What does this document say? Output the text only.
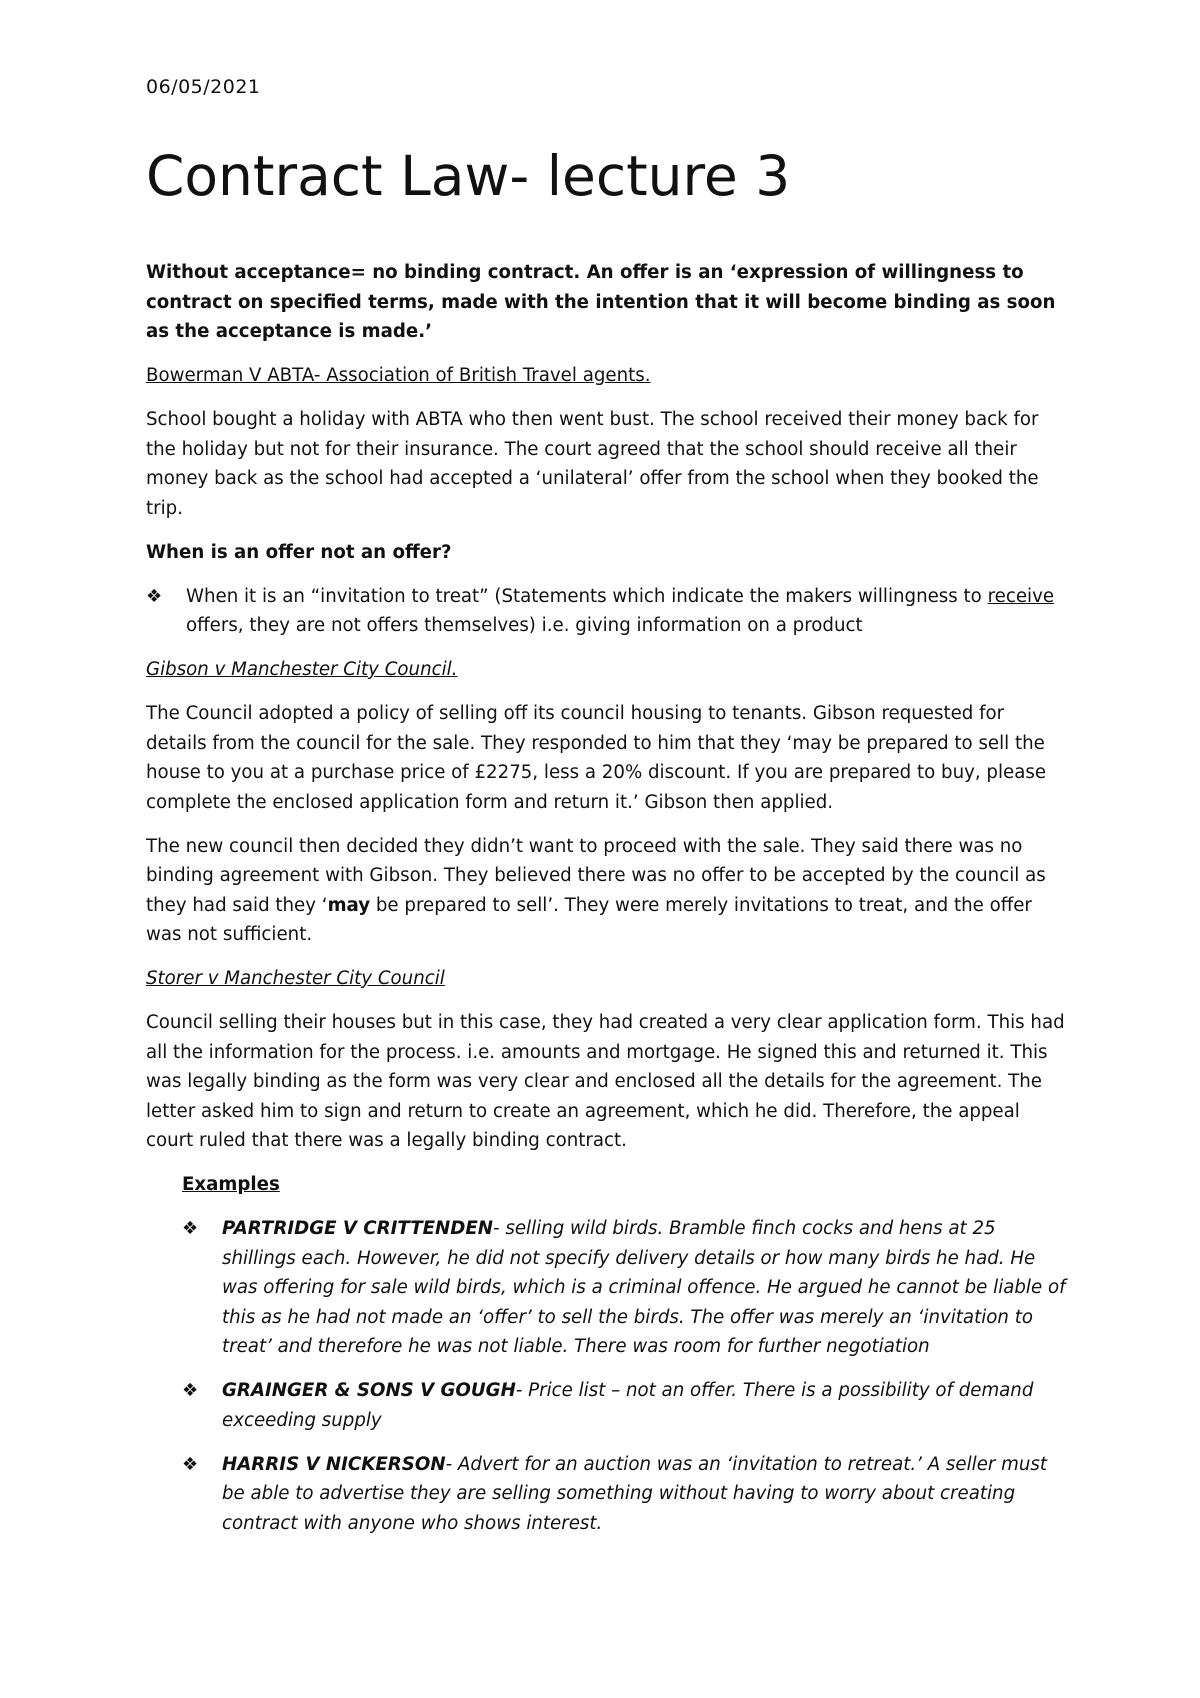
06/05/2021
Contract Law- lecture 3

Without acceptance= no binding contract. An offer is an ‘expression of willingness to contract on specified terms, made with the intention that it will become binding as soon as the acceptance is made.’

Bowerman V ABTA- Association of British Travel agents.

School bought a holiday with ABTA who then went bust. The school received their money back for the holiday but not for their insurance. The court agreed that the school should receive all their money back as the school had accepted a ‘unilateral’ offer from the school when they booked the trip.

When is an offer not an offer?

❖ When it is an “invitation to treat” (Statements which indicate the makers willingness to receive offers, they are not offers themselves) i.e. giving information on a product

Gibson v Manchester City Council.

The Council adopted a policy of selling off its council housing to tenants. Gibson requested for details from the council for the sale. They responded to him that they ‘may be prepared to sell the house to you at a purchase price of £2275, less a 20% discount. If you are prepared to buy, please complete the enclosed application form and return it.’ Gibson then applied.

The new council then decided they didn’t want to proceed with the sale. They said there was no binding agreement with Gibson. They believed there was no offer to be accepted by the council as they had said they ‘may be prepared to sell’. They were merely invitations to treat, and the offer was not sufficient.

Storer v Manchester City Council

Council selling their houses but in this case, they had created a very clear application form. This had all the information for the process. i.e. amounts and mortgage. He signed this and returned it. This was legally binding as the form was very clear and enclosed all the details for the agreement. The letter asked him to sign and return to create an agreement, which he did. Therefore, the appeal court ruled that there was a legally binding contract.

Examples

❖ PARTRIDGE V CRITTENDEN- selling wild birds. Bramble finch cocks and hens at 25 shillings each. However, he did not specify delivery details or how many birds he had. He was offering for sale wild birds, which is a criminal offence. He argued he cannot be liable of this as he had not made an ‘offer’ to sell the birds. The offer was merely an ‘invitation to treat’ and therefore he was not liable. There was room for further negotiation
❖ GRAINGER & SONS V GOUGH- Price list – not an offer. There is a possibility of demand exceeding supply
❖ HARRIS V NICKERSON- Advert for an auction was an ‘invitation to retreat.’ A seller must be able to advertise they are selling something without having to worry about creating contract with anyone who shows interest.
